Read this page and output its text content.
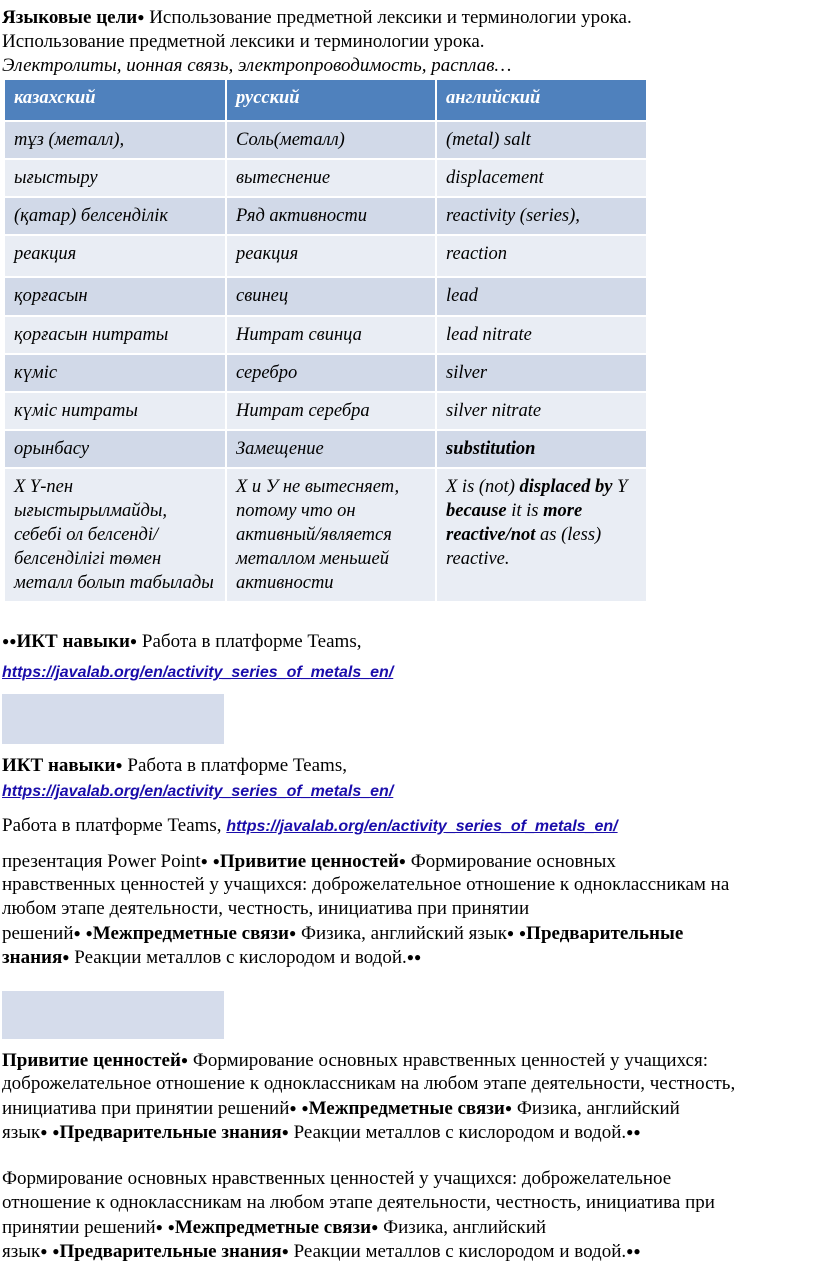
Языковые цели● Использование предметной лексики и терминологии урока.
Использование предметной лексики и терминологии урока.
Электролиты, ионная связь, электропроводимость, расплав…
казахский	русский	английский
тұз (металл),	Соль(металл)	(metal) salt
ығыстыру	вытеснение	displacement
(қатар) белсенділік	Ряд активности	reactivity (series),
реакция	реакция	reaction
қорғасын	свинец	lead
қорғасын нитраты	Нитрат свинца	lead nitrate
күміс	серебро	silver
күміс нитраты	Нитрат серебра	silver nitrate
орынбасу	Замещение	substitution
Х Ү-пен ығыстырылмайды, себебі ол белсенді/белсенділігі төмен металл болып табылады	Х и У не вытесняет, потому что он активный/является металлом меньшей активности	X is (not) displaced by Y because it is more reactive/not as (less) reactive.
●●ИКТ навыки● Работа в платформе Teams,
https://javalab.org/en/activity_series_of_metals_en/
ИКТ навыки● Работа в платформе Teams,
https://javalab.org/en/activity_series_of_metals_en/
Работа в платформе Teams, https://javalab.org/en/activity_series_of_metals_en/
презентация Power Point● ●Привитие ценностей● Формирование основных
нравственных ценностей у учащихся: доброжелательное отношение к одноклассникам на
любом этапе деятельности, честность, инициатива при принятии
решений● ●Межпредметные связи● Физика, английский язык● ●Предварительные
знания● Реакции металлов с кислородом и водой.●●
Привитие ценностей● Формирование основных нравственных ценностей у учащихся:
доброжелательное отношение к одноклассникам на любом этапе деятельности, честность,
инициатива при принятии решений● ●Межпредметные связи● Физика, английский
язык● ●Предварительные знания● Реакции металлов с кислородом и водой.●●
Формирование основных нравственных ценностей у учащихся: доброжелательное
отношение к одноклассникам на любом этапе деятельности, честность, инициатива при
принятии решений● ●Межпредметные связи● Физика, английский
язык● ●Предварительные знания● Реакции металлов с кислородом и водой.●●
